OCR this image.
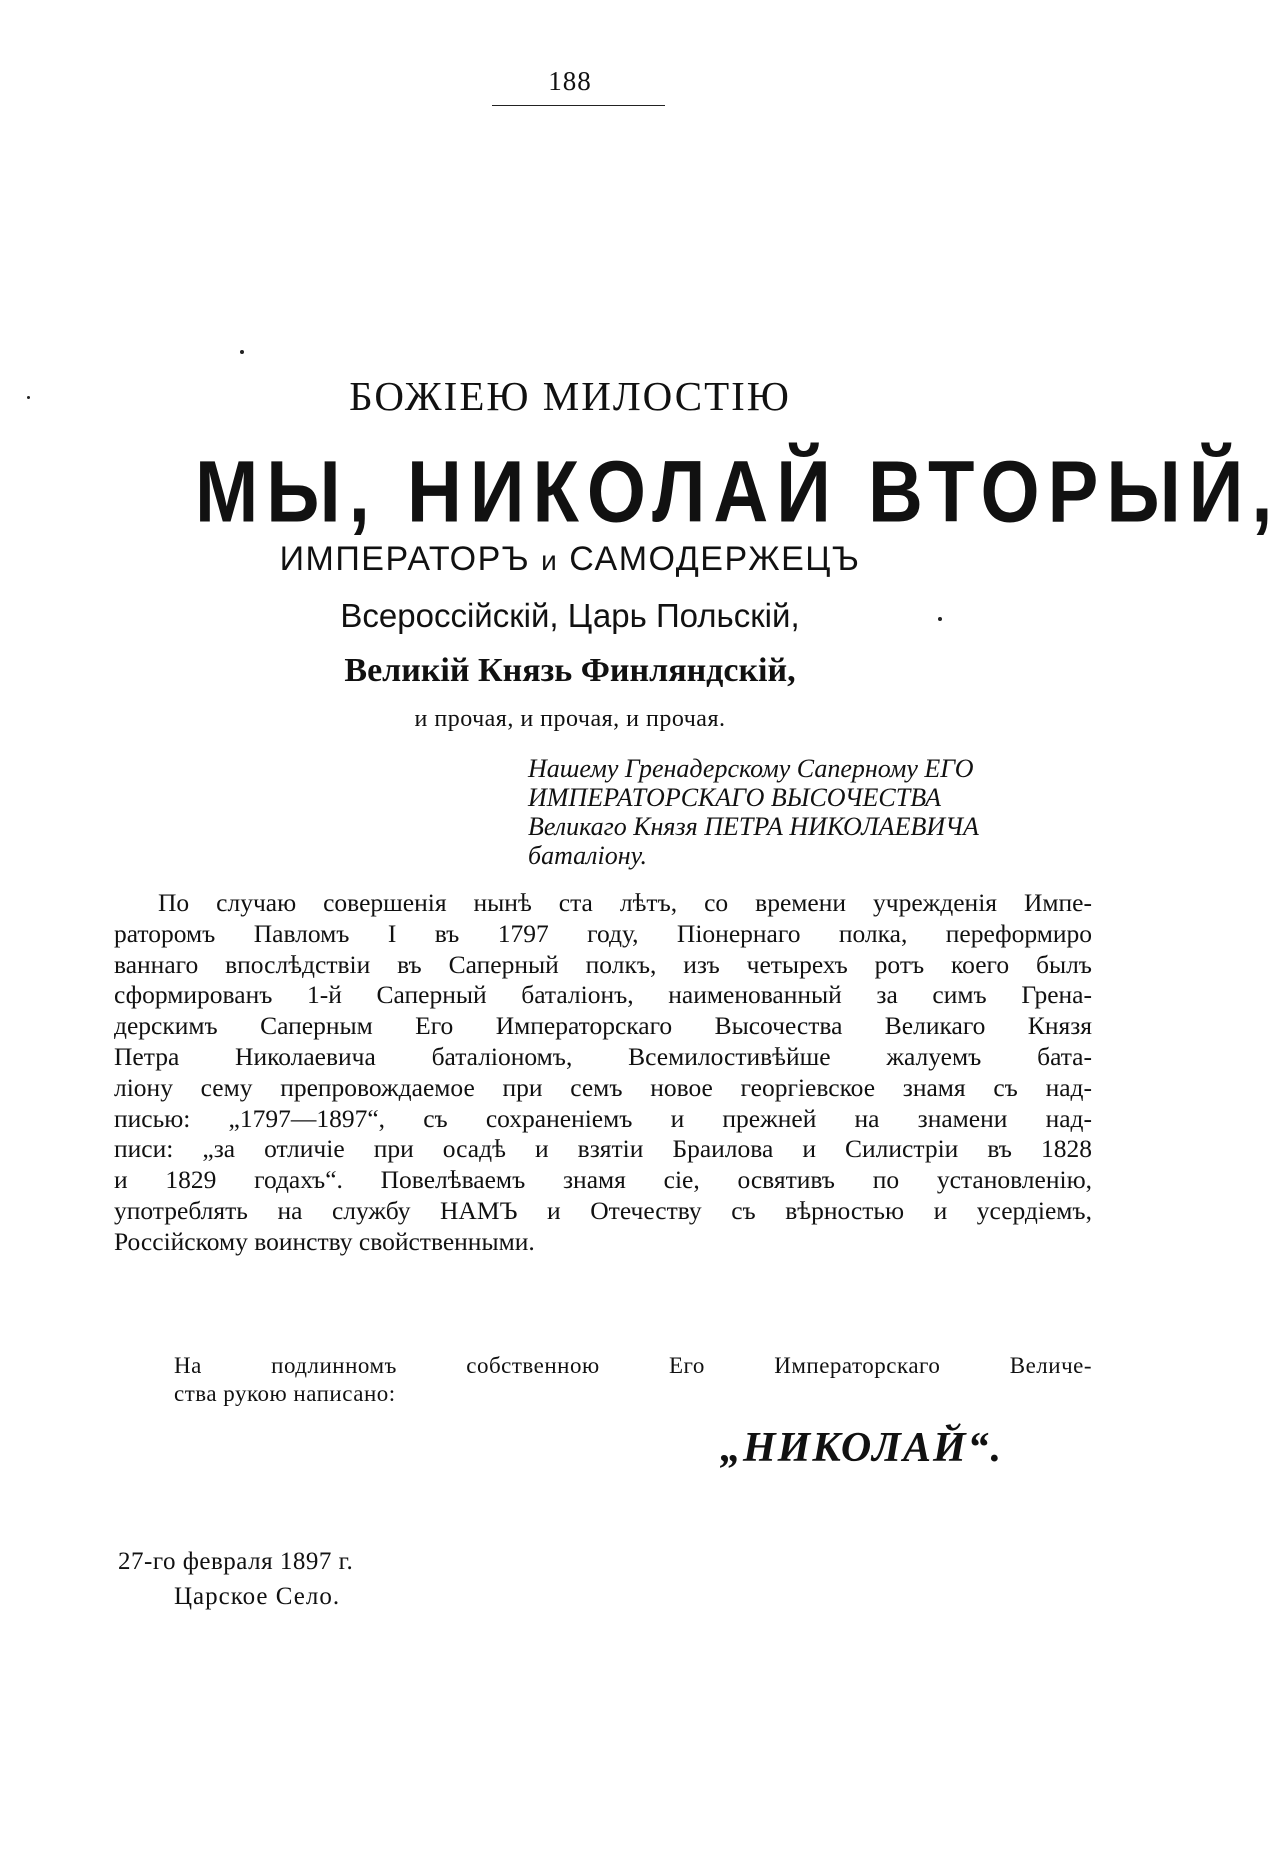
188
БОЖІЕЮ МИЛОСТІЮ
МЫ, НИКОЛАЙ ВТОРЫЙ,
ИМПЕРАТОРЪ и САМОДЕРЖЕЦЪ
Всероссійскій, Царь Польскій,
Великій Князь Финляндскій,
и прочая, и прочая, и прочая.
Нашему Гренадерскому Саперному ЕГО
ИМПЕРАТОРСКАГО ВЫСОЧЕСТВА
Великаго Князя ПЕТРА НИКОЛАЕВИЧА
баталіону.
По случаю совершенія нынѣ ста лѣтъ, со времени учрежденія Импе-
раторомъ Павломъ I въ 1797 году, Піонернаго полка, переформиро
ваннаго впослѣдствіи въ Саперный полкъ, изъ четырехъ ротъ коего былъ
сформированъ 1-й Саперный баталіонъ, наименованный за симъ Грена-
дерскимъ Саперным Его Императорскаго Высочества Великаго Князя
Петра Николаевича баталіономъ, Всемилостивѣйше жалуемъ бата-
ліону сему препровождаемое при семъ новое георгіевское знамя съ над-
писью: „1797—1897“, съ сохраненіемъ и прежней на знамени над-
писи: „за отличіе при осадѣ и взятіи Браилова и Силистріи въ 1828
и 1829 годахъ“. Повелѣваемъ знамя сіе, освятивъ по установленію,
употреблять на службу НАМЪ и Отечеству съ вѣрностью и усердіемъ,
Россійскому воинству свойственными.
На подлинномъ собственною Его Императорскаго Величе-
ства рукою написано:
„НИКОЛАЙ“.
27-го февраля 1897 г.
Царское Село.
